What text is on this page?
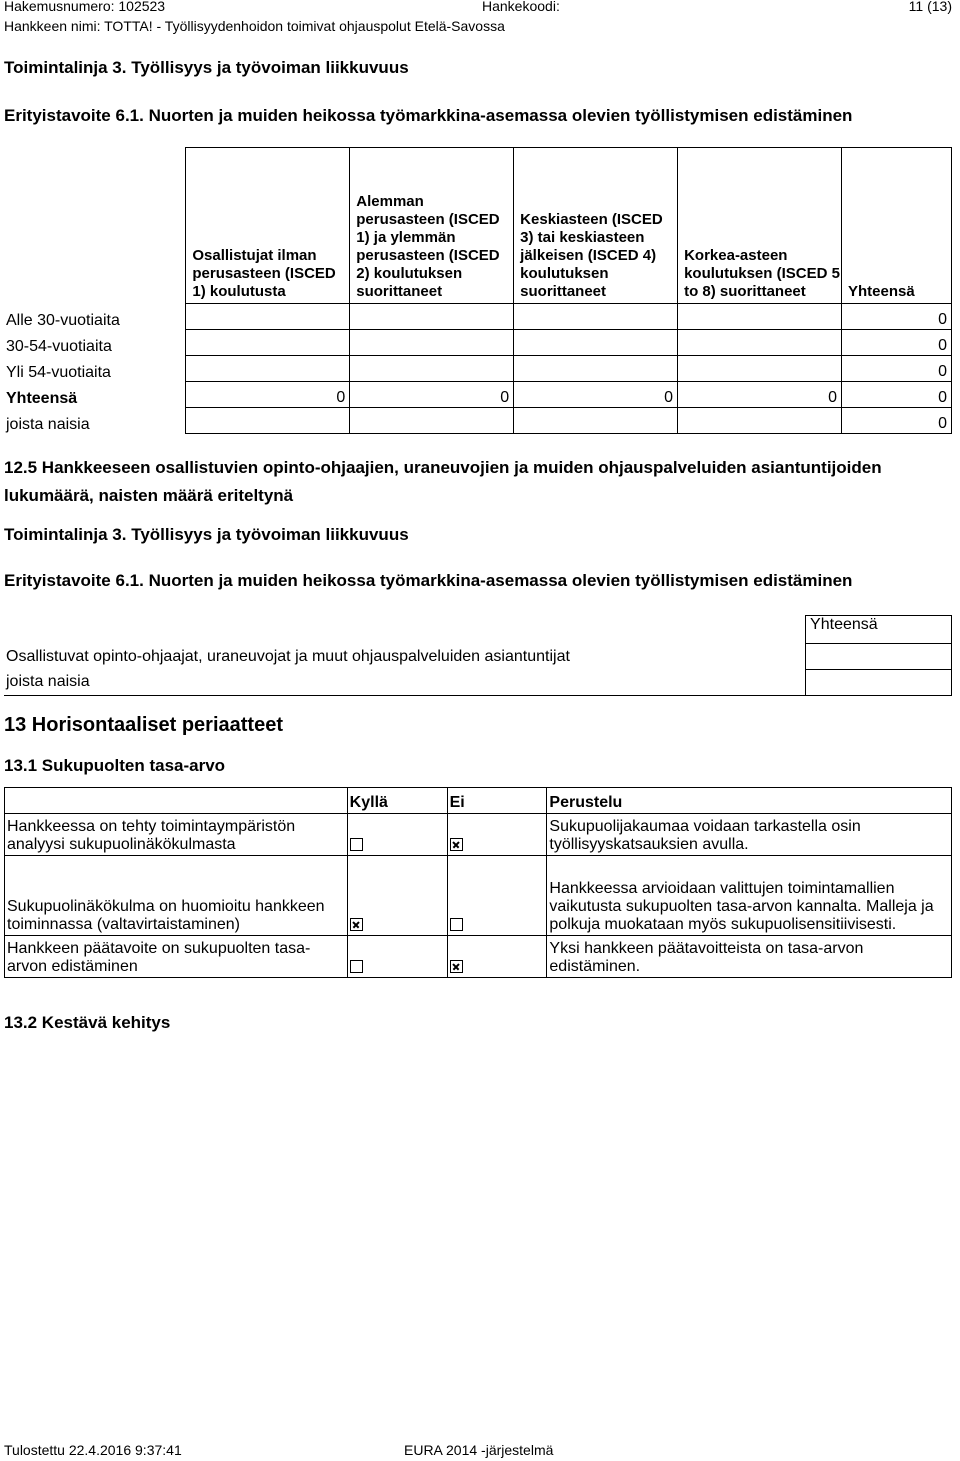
Hakemusnumero: 102523	Hankekoodi:	11 (13)
Hankkeen nimi: TOTTA! - Työllisyydenhoidon toimivat ohjauspolut Etelä-Savossa
Toimintalinja 3. Työllisyys ja työvoiman liikkuvuus
Erityistavoite 6.1. Nuorten ja muiden heikossa työmarkkina-asemassa olevien työllistymisen edistäminen
	Osallistujat ilman perusasteen (ISCED 1) koulutusta	Alemman perusasteen (ISCED 1) ja ylemmän perusasteen (ISCED 2) koulutuksen suorittaneet	Keskiasteen (ISCED 3) tai keskiasteen jälkeisen (ISCED 4) koulutuksen suorittaneet	Korkea-asteen koulutuksen (ISCED 5 to 8) suorittaneet	Yhteensä
Alle 30-vuotiaita					0
30-54-vuotiaita					0
Yli 54-vuotiaita					0
Yhteensä	0	0	0	0	0
joista naisia					0
12.5 Hankkeeseen osallistuvien opinto-ohjaajien, uraneuvojien ja muiden ohjauspalveluiden asiantuntijoiden
lukumäärä, naisten määrä eriteltynä
Toimintalinja 3. Työllisyys ja työvoiman liikkuvuus
Erityistavoite 6.1. Nuorten ja muiden heikossa työmarkkina-asemassa olevien työllistymisen edistäminen
	Yhteensä
Osallistuvat opinto-ohjaajat, uraneuvojat ja muut ohjauspalveluiden asiantuntijat	
joista naisia	
13 Horisontaaliset periaatteet
13.1 Sukupuolten tasa-arvo
	Kyllä	Ei	Perustelu
Hankkeessa on tehty toimintaympäristön analyysi sukupuolinäkökulmasta			Sukupuolijakaumaa voidaan tarkastella osin työllisyyskatsauksien avulla.
Sukupuolinäkökulma on huomioitu hankkeen toiminnassa (valtavirtaistaminen)			Hankkeessa arvioidaan valittujen toimintamallien vaikutusta sukupuolten tasa-arvon kannalta. Malleja ja polkuja muokataan myös sukupuolisensitiivisesti.
Hankkeen päätavoite on sukupuolten tasa-arvon edistäminen			Yksi hankkeen päätavoitteista on tasa-arvon edistäminen.
13.2 Kestävä kehitys
Tulostettu 22.4.2016 9:37:41	EURA 2014 -järjestelmä
